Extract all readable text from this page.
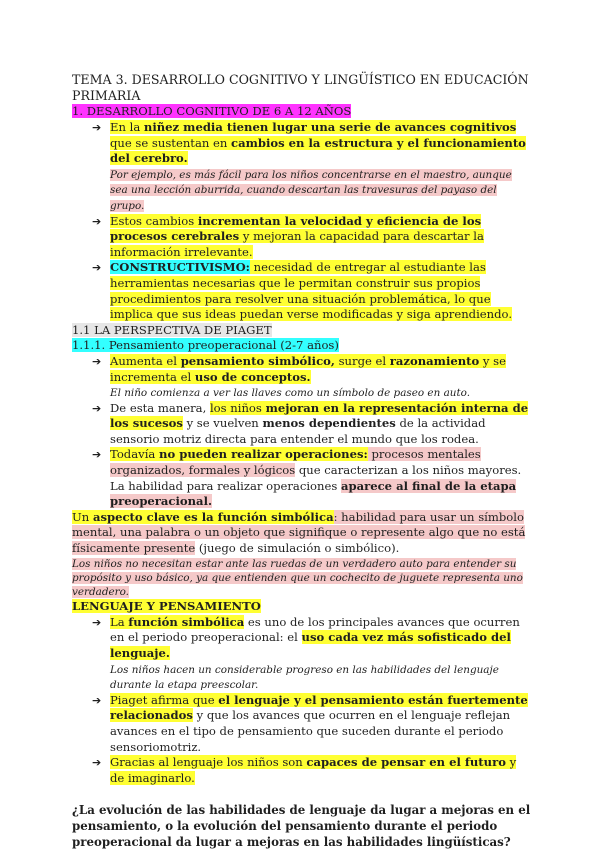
TEMA 3. DESARROLLO COGNITIVO Y LINGÜÍSTICO EN EDUCACIÓN PRIMARIA
1. DESARROLLO COGNITIVO DE 6 A 12 AÑOS
➔ En la niñez media tienen lugar una serie de avances cognitivos que se sustentan en cambios en la estructura y el funcionamiento del cerebro.
Por ejemplo, es más fácil para los niños concentrarse en el maestro, aunque sea una lección aburrida, cuando descartan las travesuras del payaso del grupo.
➔ Estos cambios incrementan la velocidad y eficiencia de los procesos cerebrales y mejoran la capacidad para descartar la información irrelevante.
➔ CONSTRUCTIVISMO: necesidad de entregar al estudiante las herramientas necesarias que le permitan construir sus propios procedimientos para resolver una situación problemática, lo que implica que sus ideas puedan verse modificadas y siga aprendiendo.
1.1 LA PERSPECTIVA DE PIAGET
1.1.1. Pensamiento preoperacional (2-7 años)
➔ Aumenta el pensamiento simbólico, surge el razonamiento y se incrementa el uso de conceptos.
El niño comienza a ver las llaves como un símbolo de paseo en auto.
➔ De esta manera, los niños mejoran en la representación interna de los sucesos y se vuelven menos dependientes de la actividad sensorio motriz directa para entender el mundo que los rodea.
➔ Todavía no pueden realizar operaciones: procesos mentales organizados, formales y lógicos que caracterizan a los niños mayores. La habilidad para realizar operaciones aparece al final de la etapa preoperacional.

Un aspecto clave es la función simbólica: habilidad para usar un símbolo mental, una palabra o un objeto que signifique o represente algo que no está físicamente presente (juego de simulación o simbólico).

Los niños no necesitan estar ante las ruedas de un verdadero auto para entender su propósito y uso básico, ya que entienden que un cochecito de juguete representa uno verdadero.
LENGUAJE Y PENSAMIENTO
➔ La función simbólica es uno de los principales avances que ocurren en el periodo preoperacional: el uso cada vez más sofisticado del lenguaje.
Los niños hacen un considerable progreso en las habilidades del lenguaje durante la etapa preescolar.
➔ Piaget afirma que el lenguaje y el pensamiento están fuertemente relacionados y que los avances que ocurren en el lenguaje reflejan avances en el tipo de pensamiento que suceden durante el periodo sensoriomotriz.
➔ Gracias al lenguaje los niños son capaces de pensar en el futuro y de imaginarlo.
¿La evolución de las habilidades de lenguaje da lugar a mejoras en el pensamiento, o la evolución del pensamiento durante el periodo preoperacional da lugar a mejoras en las habilidades lingüísticas?
